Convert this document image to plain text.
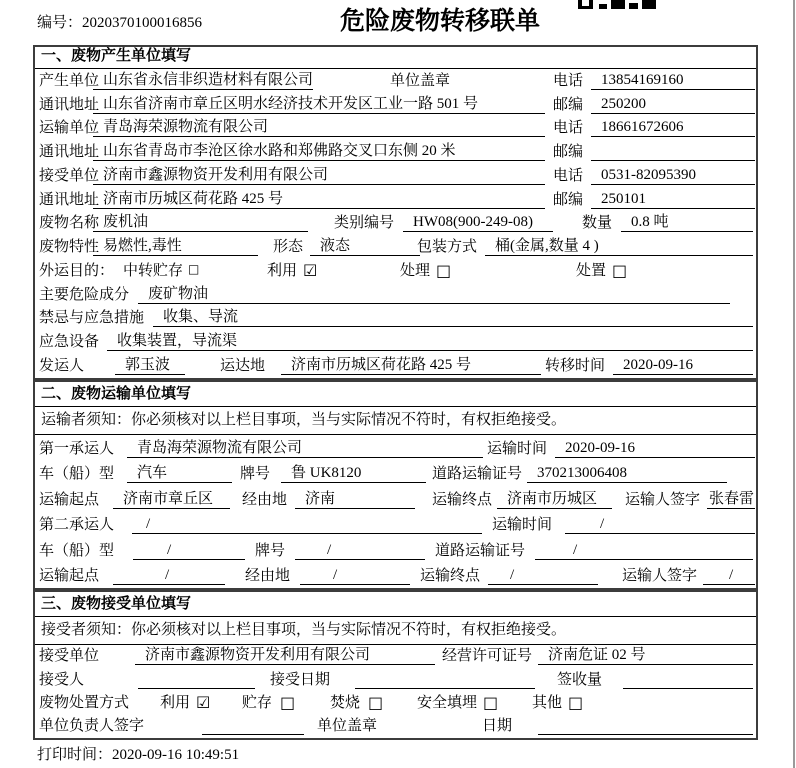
编号：2020370100016856	危险废物转移联单
一、废物产生单位填写
产生单位 山东省永信非织造材料有限公司	单位盖章	电话	13854169160
通讯地址 山东省济南市章丘区明水经济技术开发区工业一路 501 号	邮编	250200
运输单位 青岛海荣源物流有限公司	电话	18661672606
通讯地址 山东省青岛市李沧区徐水路和郑佛路交叉口东侧 20 米	邮编
接受单位 济南市鑫源物资开发利用有限公司	电话	0531-82095390
通讯地址 济南市历城区荷花路 425 号	邮编	250101
废物名称 废机油	类别编号	HW08(900-249-08)	数量	0.8 吨
废物特性 易燃性,毒性	形态	液态	包装方式	桶(金属,数量 4 )
外运目的： 中转贮存 □	利用 ☑	处理 □	处置 □
主要危险成分	废矿物油
禁忌与应急措施	收集、导流
应急设备	收集装置，导流渠
发运人	郭玉波	运达地	济南市历城区荷花路 425 号	转移时间	2020-09-16
二、废物运输单位填写
运输者须知：你必须核对以上栏目事项，当与实际情况不符时，有权拒绝接受。
第一承运人	青岛海荣源物流有限公司	运输时间	2020-09-16
车（船）型	汽车	牌号	鲁 UK8120	道路运输证号 370213006408
运输起点	济南市章丘区	经由地	济南	运输终点 济南市历城区	运输人签字 张春雷
第二承运人	/	运输时间	/
车（船）型	/	牌号	/	道路运输证号	/
运输起点	/	经由地	/	运输终点	/	运输人签字	/
三、废物接受单位填写
接受者须知：你必须核对以上栏目事项，当与实际情况不符时，有权拒绝接受。
接受单位	济南市鑫源物资开发利用有限公司	经营许可证号	济南危证 02 号
接受人	接受日期	签收量
废物处置方式 利用 ☑ 贮存 □ 焚烧 □ 安全填埋 □ 其他 □
单位负责人签字	单位盖章	日期
打印时间：2020-09-16 10:49:51
